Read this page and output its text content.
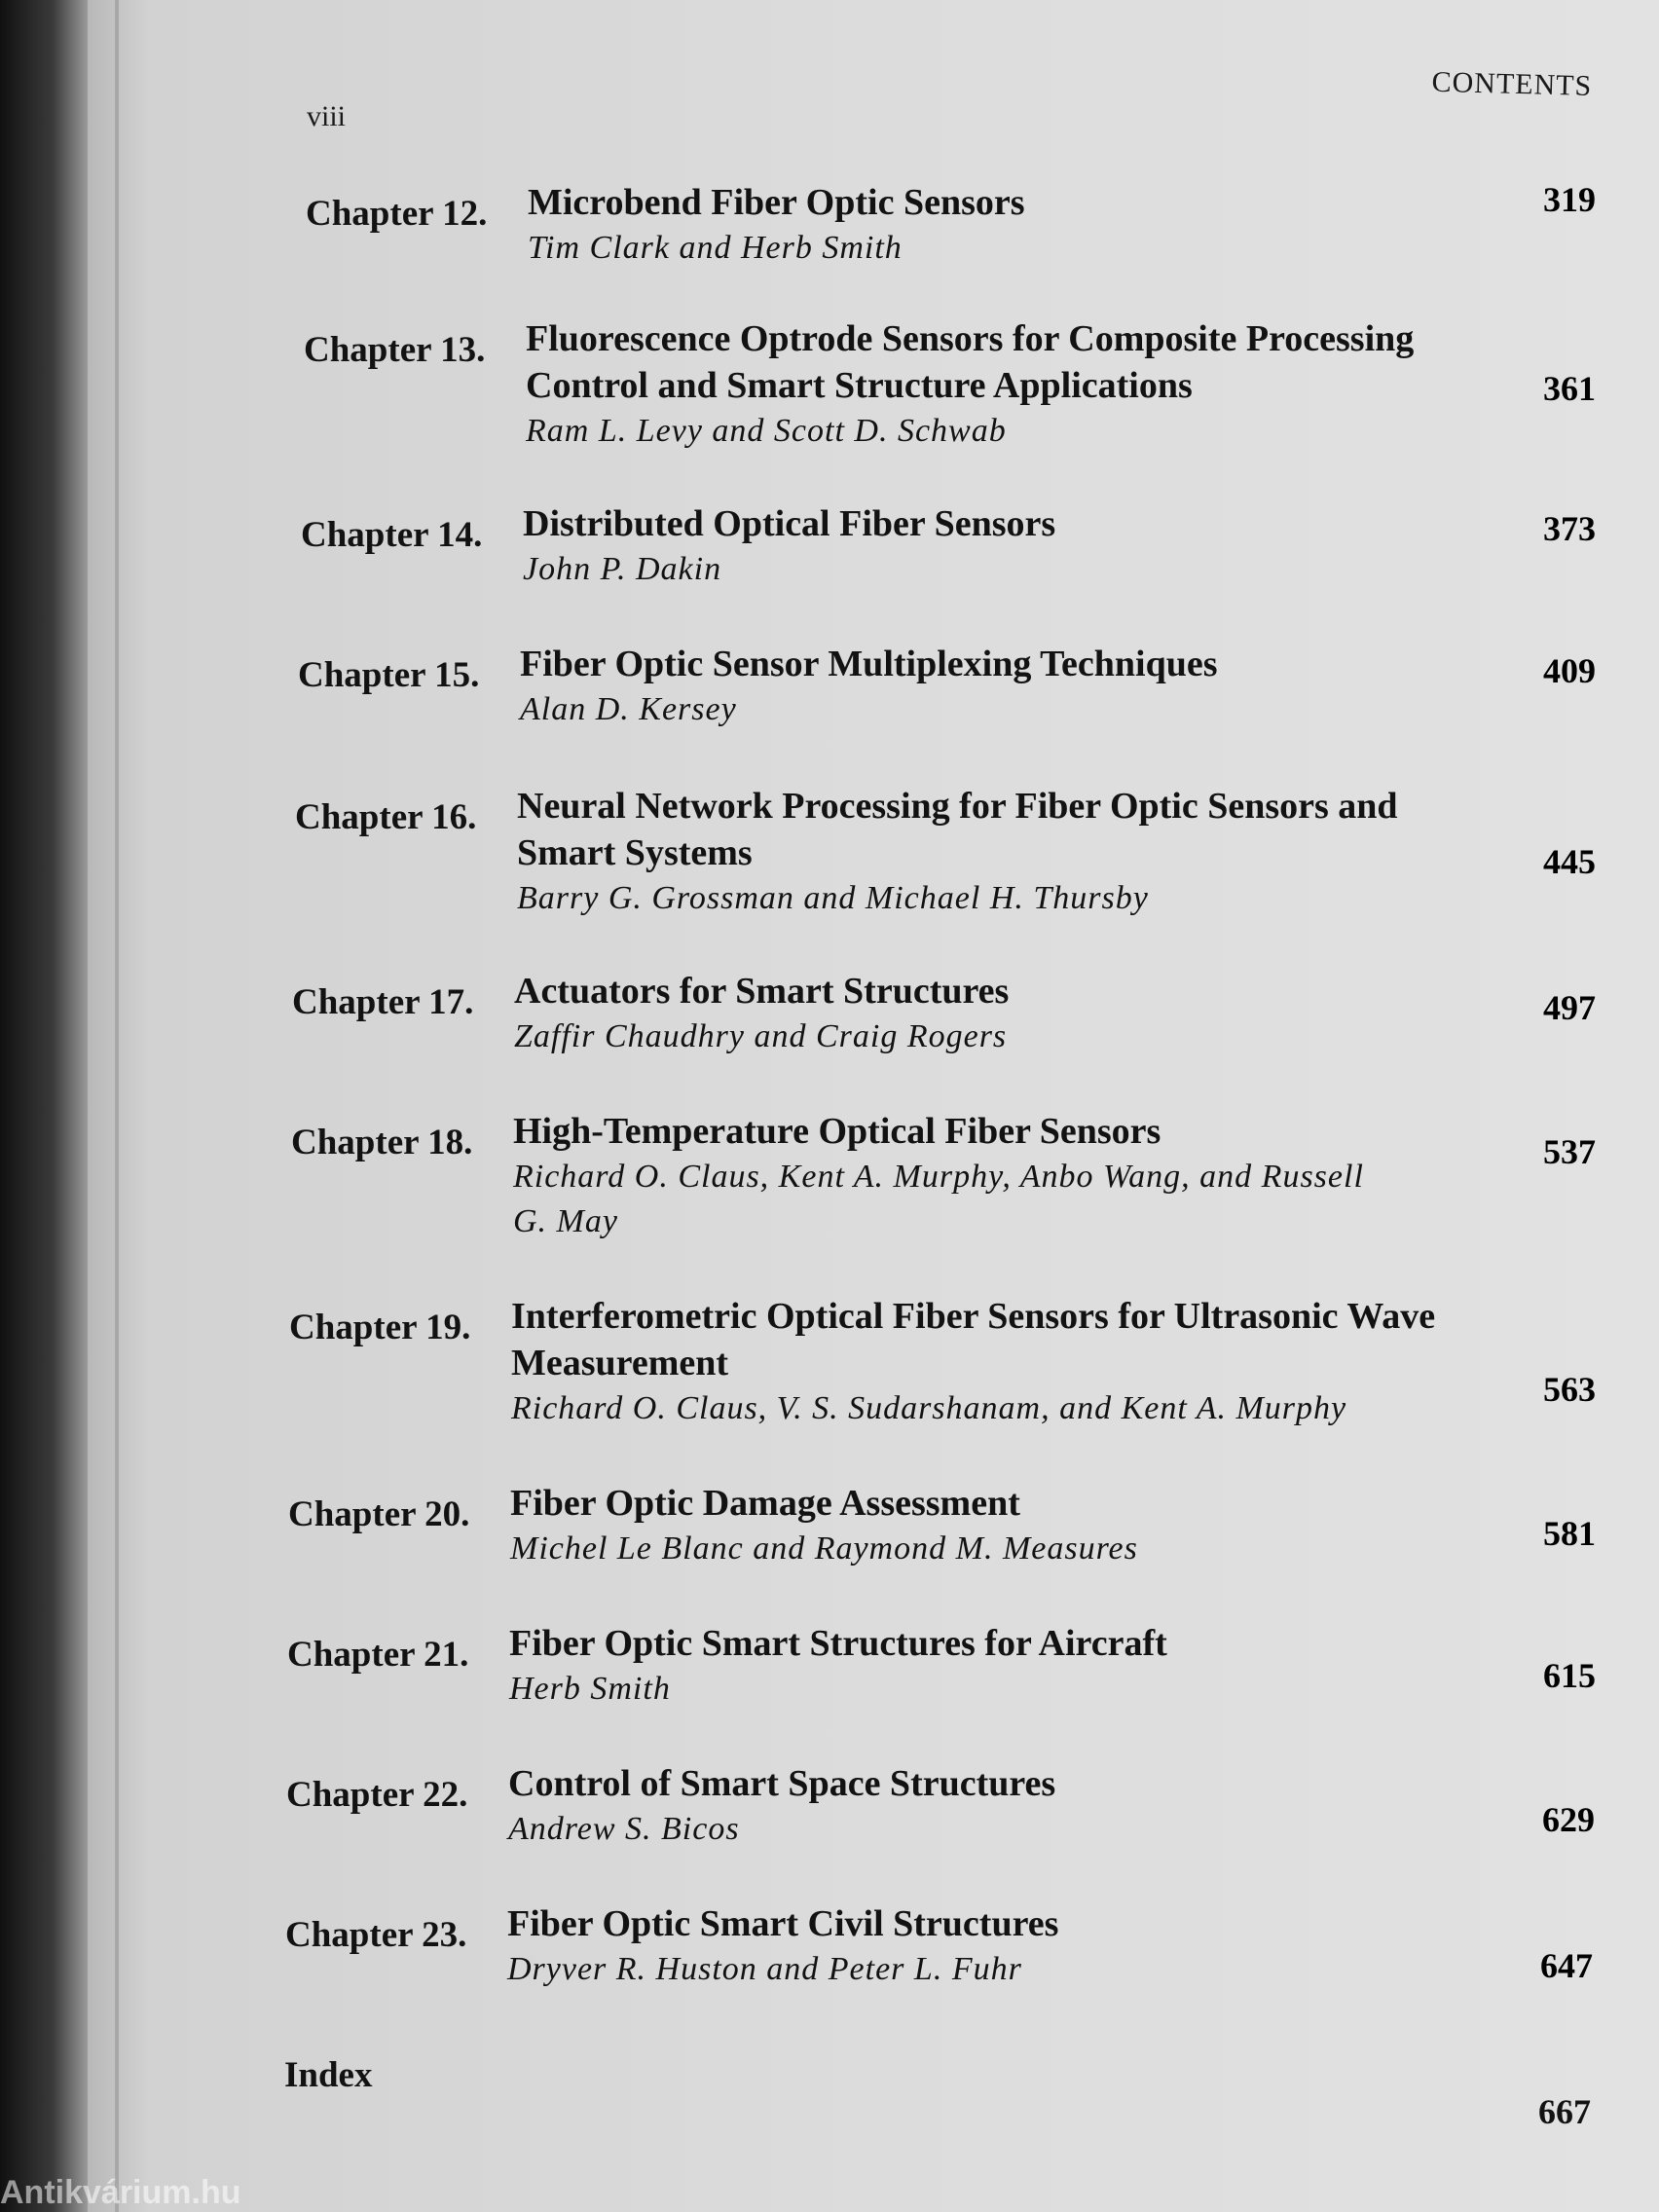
viii
CONTENTS
Chapter 12. Microbend Fiber Optic Sensors
Tim Clark and Herb Smith
319
Chapter 13. Fluorescence Optrode Sensors for Composite Processing Control and Smart Structure Applications
Ram L. Levy and Scott D. Schwab
361
Chapter 14. Distributed Optical Fiber Sensors
John P. Dakin
373
Chapter 15. Fiber Optic Sensor Multiplexing Techniques
Alan D. Kersey
409
Chapter 16. Neural Network Processing for Fiber Optic Sensors and Smart Systems
Barry G. Grossman and Michael H. Thursby
445
Chapter 17. Actuators for Smart Structures
Zaffir Chaudhry and Craig Rogers
497
Chapter 18. High-Temperature Optical Fiber Sensors
Richard O. Claus, Kent A. Murphy, Anbo Wang, and Russell G. May
537
Chapter 19. Interferometric Optical Fiber Sensors for Ultrasonic Wave Measurement
Richard O. Claus, V. S. Sudarshanam, and Kent A. Murphy	563
Chapter 20. Fiber Optic Damage Assessment
Michel Le Blanc and Raymond M. Measures	581
Chapter 21. Fiber Optic Smart Structures for Aircraft
Herb Smith	615
Chapter 22. Control of Smart Space Structures
Andrew S. Bicos	629
Chapter 23. Fiber Optic Smart Civil Structures
Dryver R. Huston and Peter L. Fuhr	647
Index
667
Antikvárium.hu
